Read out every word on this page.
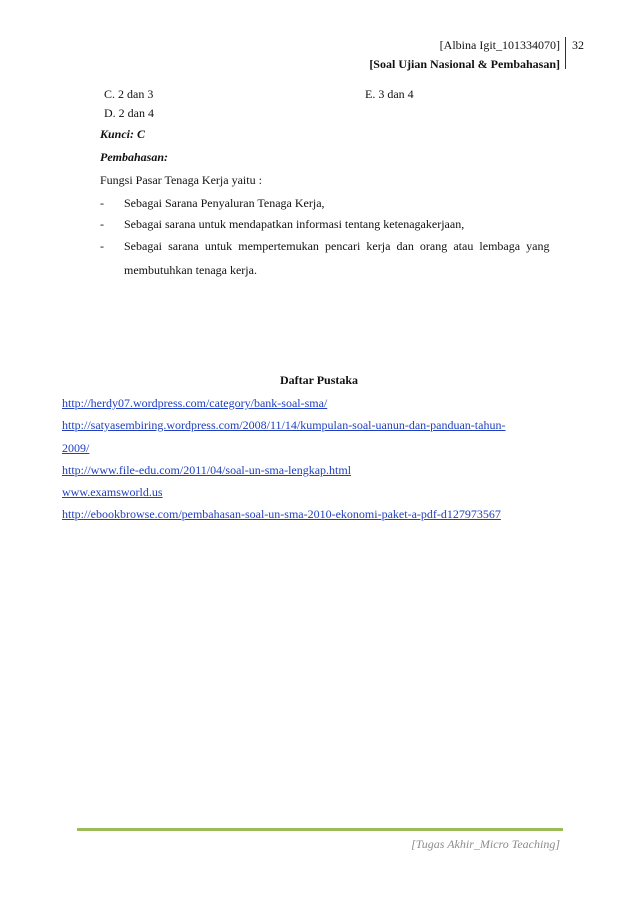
[Albina Igit_101334070]
[Soal Ujian Nasional & Pembahasan]
32
C. 2 dan 3	E. 3 dan 4
D. 2 dan 4
Kunci: C
Pembahasan:
Fungsi Pasar Tenaga Kerja yaitu :
- Sebagai Sarana Penyaluran Tenaga Kerja,
- Sebagai sarana untuk mendapatkan informasi tentang ketenagakerjaan,
- Sebagai sarana untuk mempertemukan pencari kerja dan orang atau lembaga yang
membutuhkan tenaga kerja.
Daftar Pustaka
http://herdy07.wordpress.com/category/bank-soal-sma/
http://satyasembiring.wordpress.com/2008/11/14/kumpulan-soal-uanun-dan-panduan-tahun-
2009/
http://www.file-edu.com/2011/04/soal-un-sma-lengkap.html
www.examsworld.us
http://ebookbrowse.com/pembahasan-soal-un-sma-2010-ekonomi-paket-a-pdf-d127973567
[Tugas Akhir_Micro Teaching]
